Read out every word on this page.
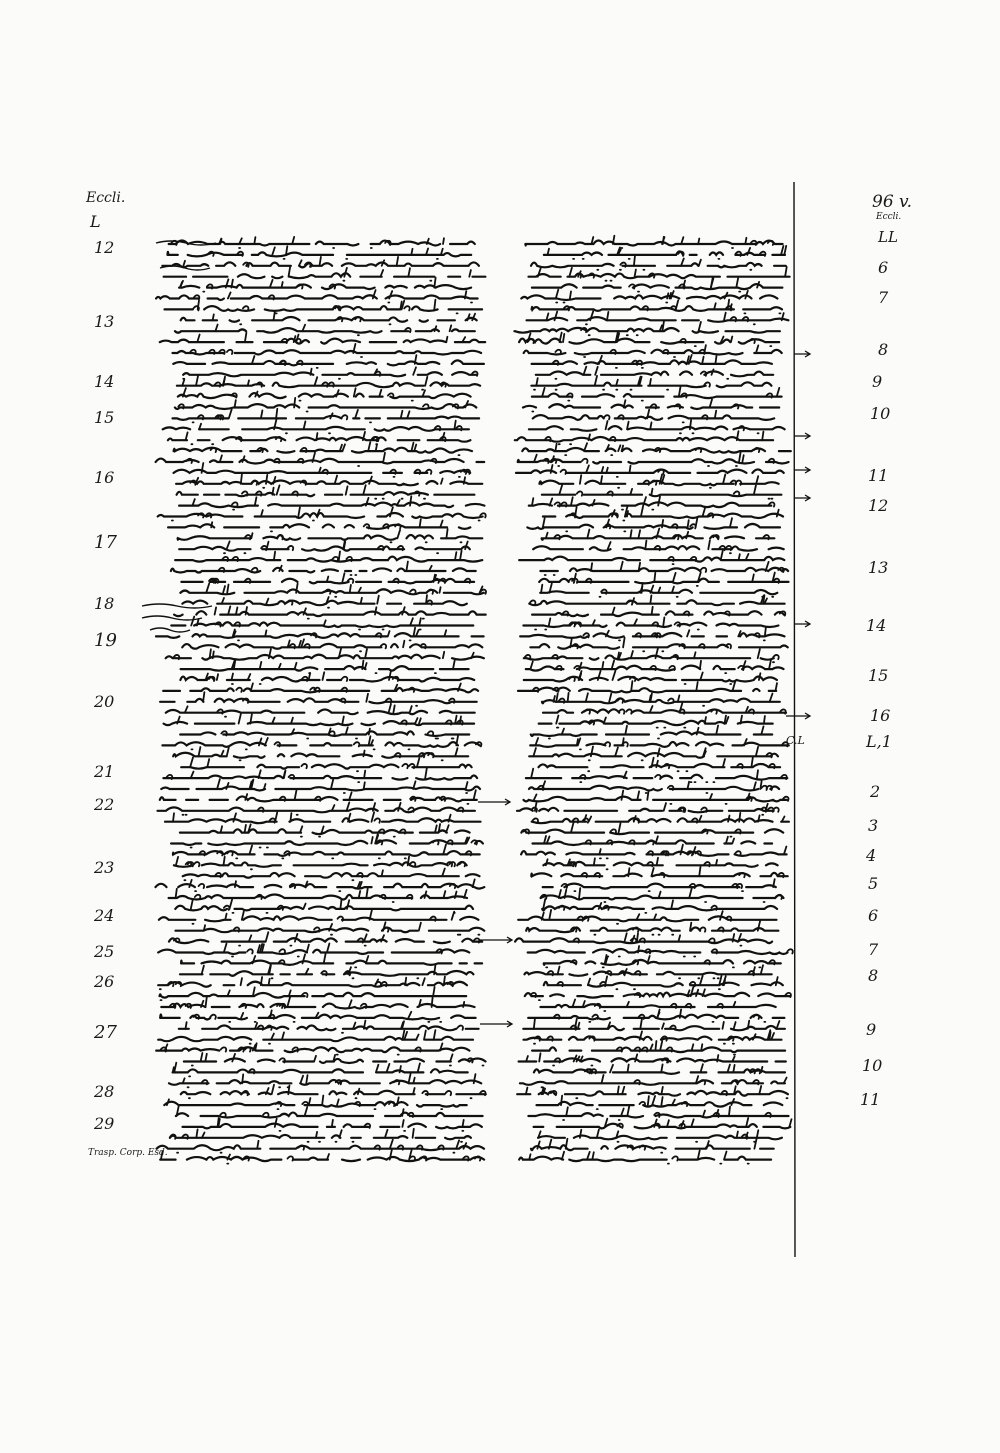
Eccli.
L
96 v.
Eccli.
LL
12
13
14
15
16
17
18
19
20
21
22
23
24
25
26
27
28
29
Trasp. Corp. Esd.
6
7
8
9
10
11
12
13
14
15
16
L,1
2
3
4
5
6
7
8
9
10
11
C.L
